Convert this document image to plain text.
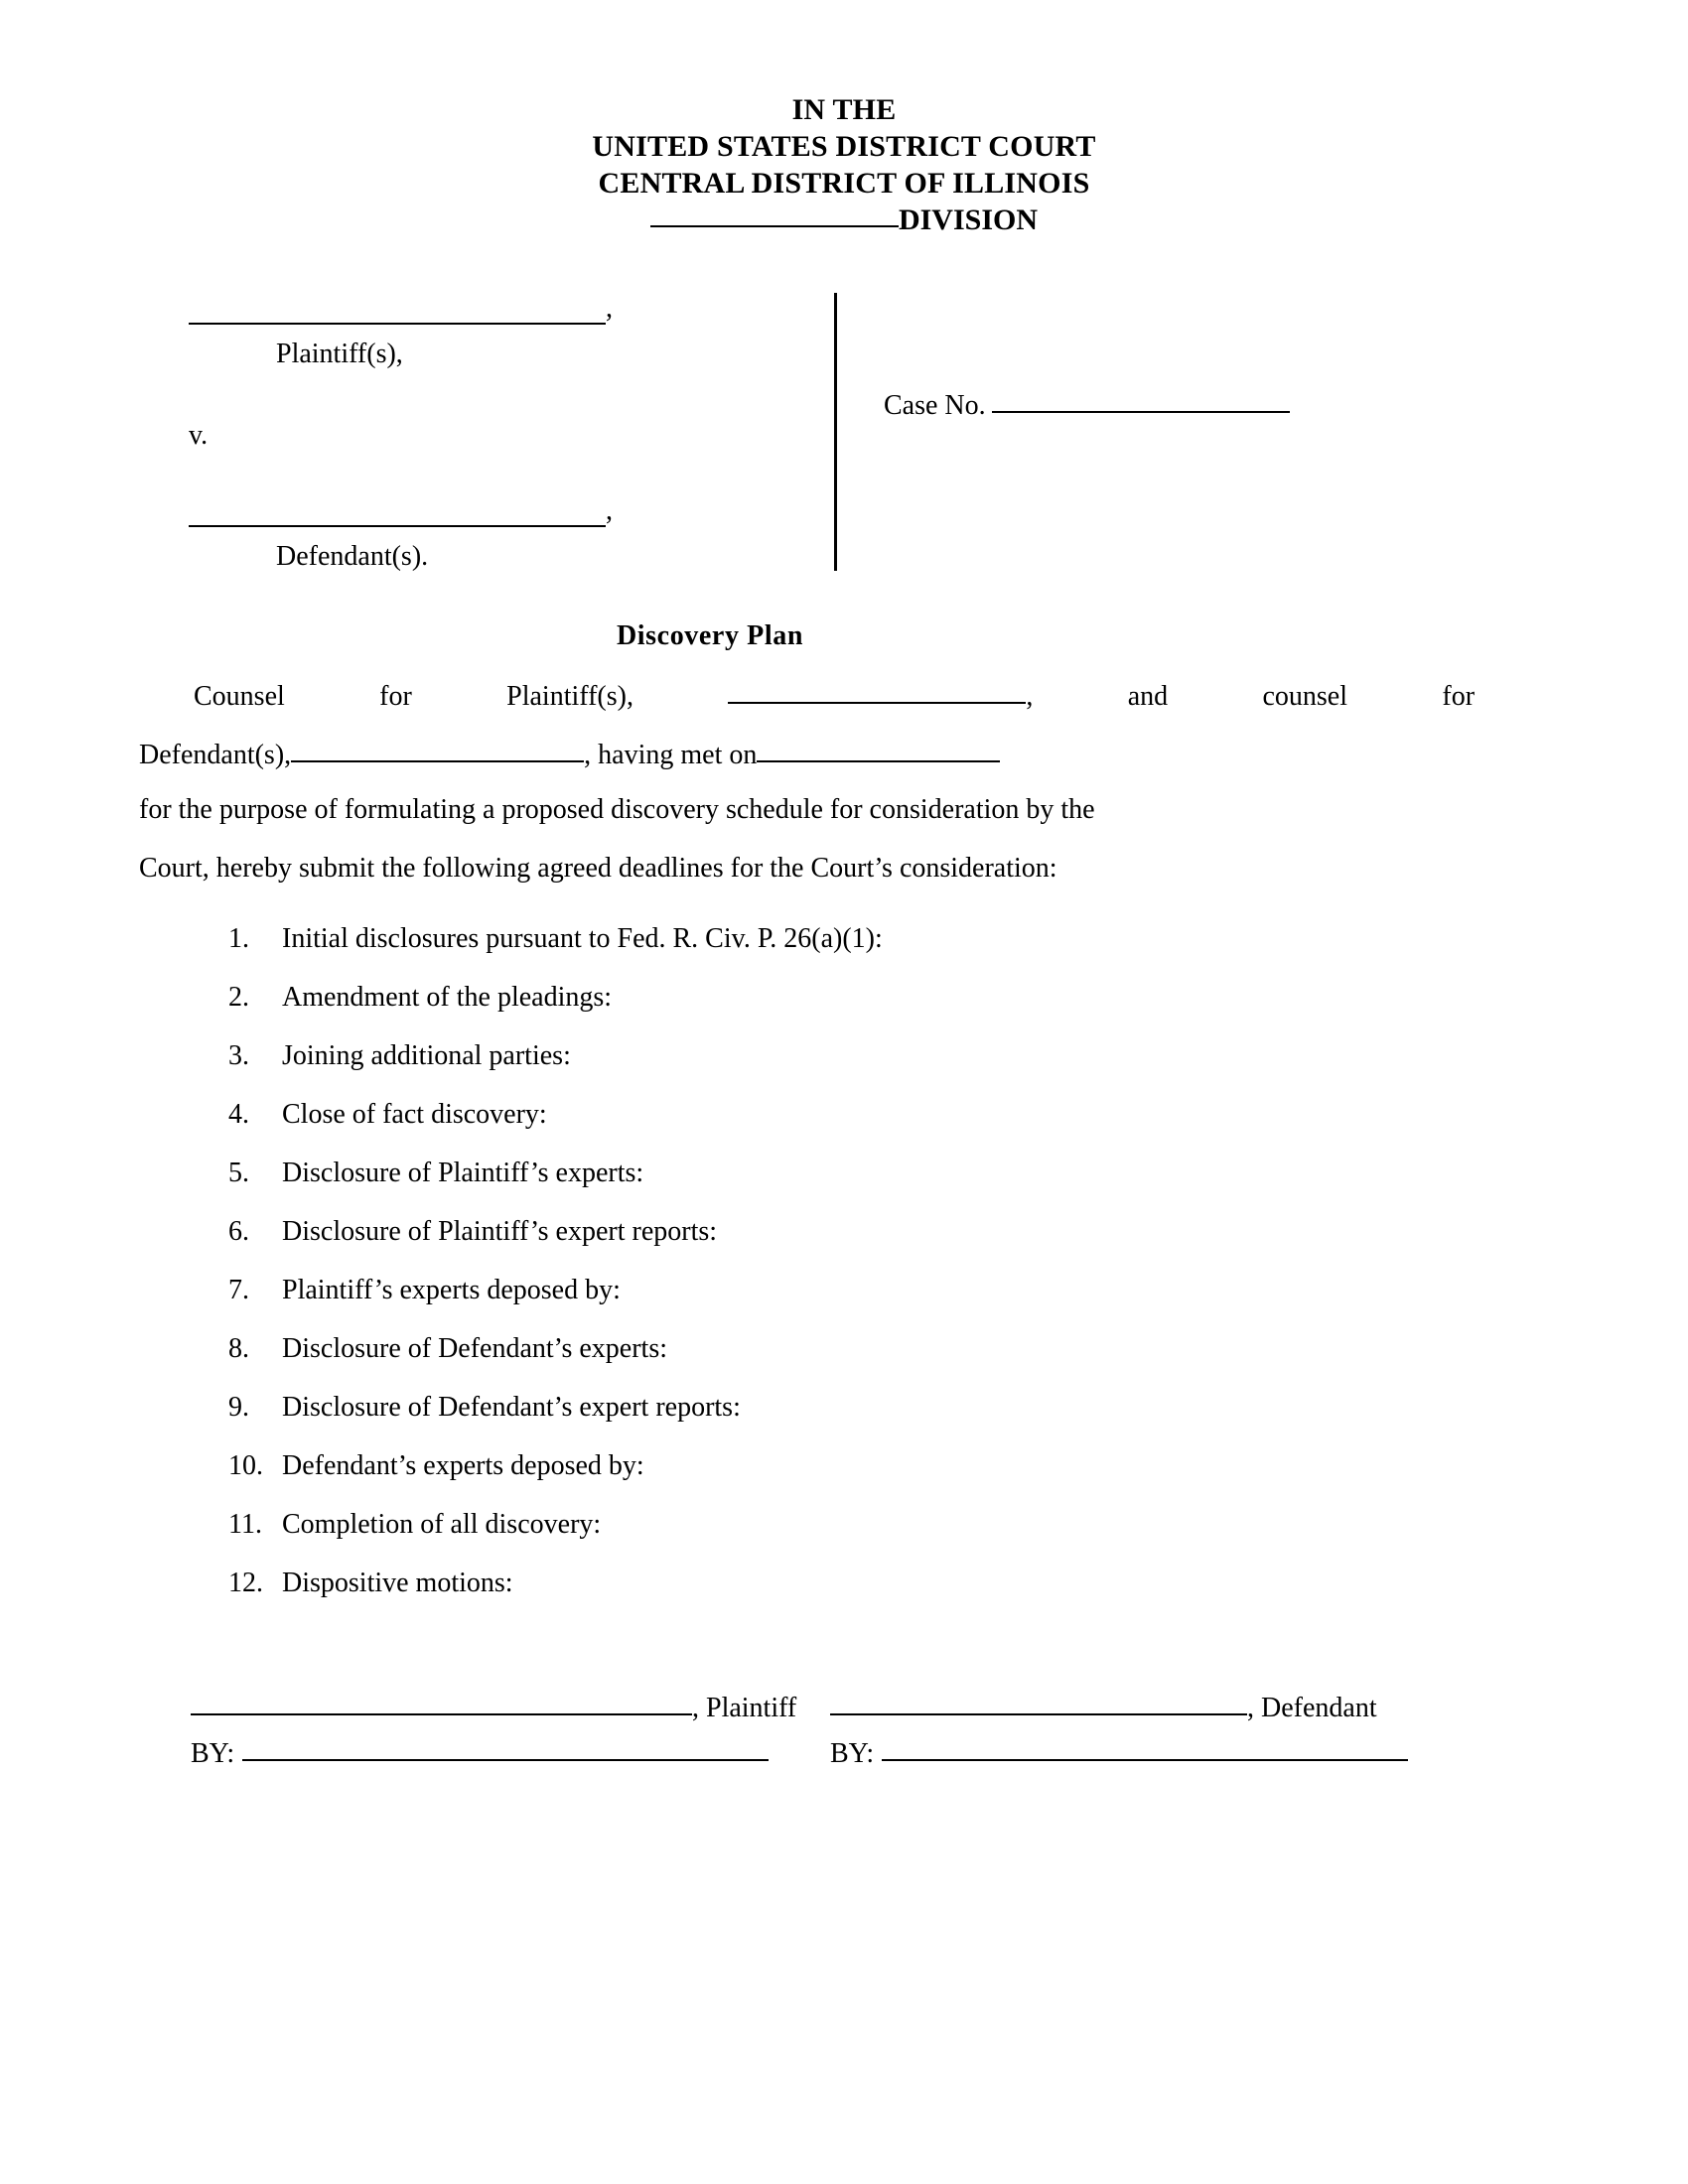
IN THE
UNITED STATES DISTRICT COURT
CENTRAL DISTRICT OF ILLINOIS
DIVISION
,
Plaintiff(s),
v.
,
Defendant(s).
Case No.
Discovery Plan
Counsel	for	Plaintiff(s),	,	and	counsel	for
Defendant(s),	, having met on
for the purpose of formulating a proposed discovery schedule for consideration by the
Court, hereby submit the following agreed deadlines for the Court’s consideration:
1.	Initial disclosures pursuant to Fed. R. Civ. P. 26(a)(1):
2.	Amendment of the pleadings:
3.	Joining additional parties:
4.	Close of fact discovery:
5.	Disclosure of Plaintiff’s experts:
6.	Disclosure of Plaintiff’s expert reports:
7.	Plaintiff’s experts deposed by:
8.	Disclosure of Defendant’s experts:
9.	Disclosure of Defendant’s expert reports:
10. Defendant’s experts deposed by:
11. Completion of all discovery:
12. Dispositive motions:
, Plaintiff
BY:
, Defendant
BY:
